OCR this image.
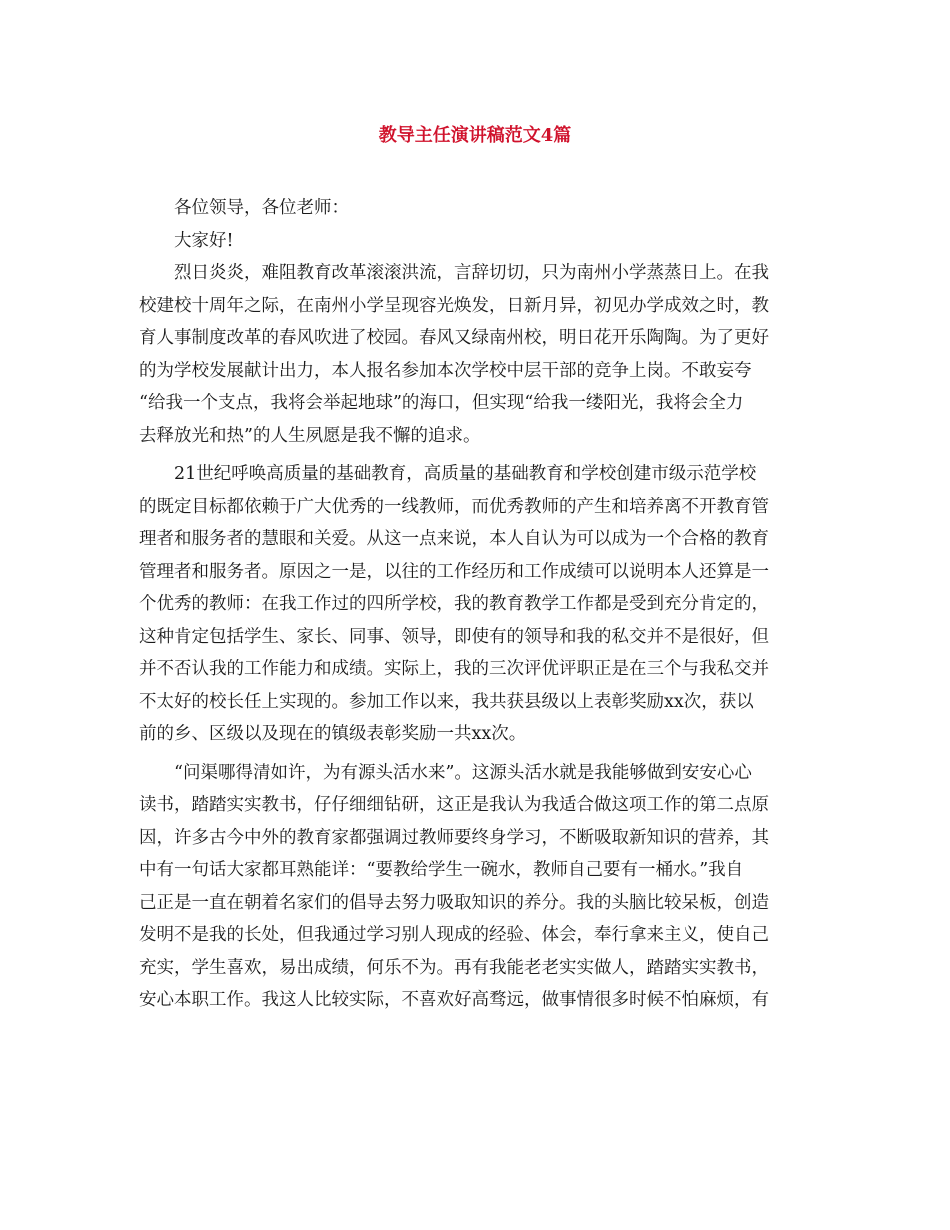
教导主任演讲稿范文4篇
各位领导，各位老师：
大家好!
烈日炎炎，难阻教育改革滚滚洪流，言辞切切，只为南州小学蒸蒸日上。在我
校建校十周年之际，在南州小学呈现容光焕发，日新月异，初见办学成效之时，教
育人事制度改革的春风吹进了校园。春风又绿南州校，明日花开乐陶陶。为了更好
的为学校发展献计出力，本人报名参加本次学校中层干部的竞争上岗。不敢妄夸
“给我一个支点，我将会举起地球”的海口，但实现“给我一缕阳光，我将会全力
去释放光和热”的人生夙愿是我不懈的追求。
21世纪呼唤高质量的基础教育，高质量的基础教育和学校创建市级示范学校
的既定目标都依赖于广大优秀的一线教师，而优秀教师的产生和培养离不开教育管
理者和服务者的慧眼和关爱。从这一点来说，本人自认为可以成为一个合格的教育
管理者和服务者。原因之一是，以往的工作经历和工作成绩可以说明本人还算是一
个优秀的教师：在我工作过的四所学校，我的教育教学工作都是受到充分肯定的，
这种肯定包括学生、家长、同事、领导，即使有的领导和我的私交并不是很好，但
并不否认我的工作能力和成绩。实际上，我的三次评优评职正是在三个与我私交并
不太好的校长任上实现的。参加工作以来，我共获县级以上表彰奖励xx次，获以
前的乡、区级以及现在的镇级表彰奖励一共xx次。
“问渠哪得清如许，为有源头活水来”。这源头活水就是我能够做到安安心心
读书，踏踏实实教书，仔仔细细钻研，这正是我认为我适合做这项工作的第二点原
因，许多古今中外的教育家都强调过教师要终身学习，不断吸取新知识的营养，其
中有一句话大家都耳熟能详：“要教给学生一碗水，教师自己要有一桶水。”我自
己正是一直在朝着名家们的倡导去努力吸取知识的养分。我的头脑比较呆板，创造
发明不是我的长处，但我通过学习别人现成的经验、体会，奉行拿来主义，使自己
充实，学生喜欢，易出成绩，何乐不为。再有我能老老实实做人，踏踏实实教书，
安心本职工作。我这人比较实际，不喜欢好高骛远，做事情很多时候不怕麻烦，有
